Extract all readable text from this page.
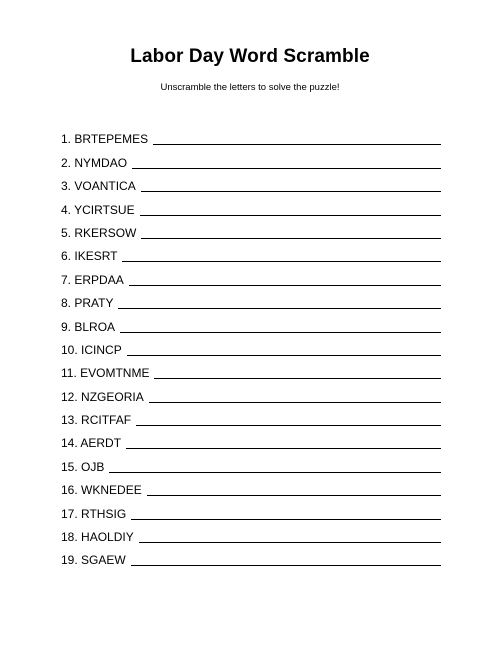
Labor Day Word Scramble
Unscramble the letters to solve the puzzle!
1. BRTEPEMES
2. NYMDAO
3. VOANTICA
4. YCIRTSUE
5. RKERSOW
6. IKESRT
7. ERPDAA
8. PRATY
9. BLROA
10. ICINCP
11. EVOMTNME
12. NZGEORIA
13. RCITFAF
14. AERDT
15. OJB
16. WKNEDEE
17. RTHSIG
18. HAOLDIY
19. SGAEW
